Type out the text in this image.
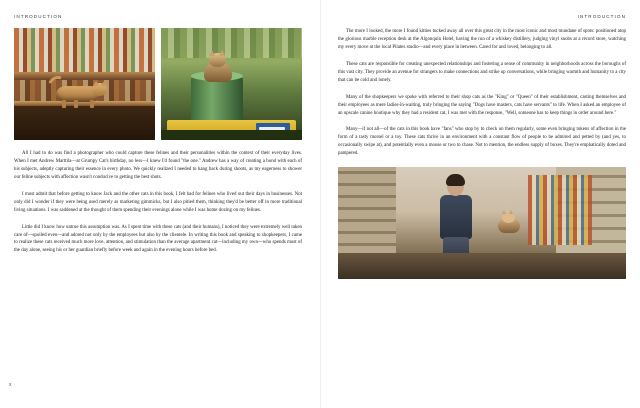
INTRODUCTION

All I had to do was find a photographer who could capture these felines and their personalities within the context of their everyday lives. When I met Andrew Marttila—at Grumpy Cat's birthday, no less—I knew I'd found "the one." Andrew has a way of creating a bond with each of his subjects, adeptly capturing their essence in every photo. We quickly realized I needed to hang back during shoots, as my eagerness to shower our feline subjects with affection wasn't conducive to getting the best shots.

I must admit that before getting to know Jack and the other cats in this book, I felt bad for felines who lived out their days in businesses. Not only did I wonder if they were being used merely as marketing gimmicks, but I also pitied them, thinking they'd be better off in more traditional living situations. I was saddened at the thought of them spending their evenings alone while I was home dozing on my felines.

Little did I know how untrue this assumption was. As I spent time with these cats (and their humans), I noticed they were extremely well taken care of—spoiled even—and adored not only by the employees but also by the clientele. In writing this book and speaking to shopkeepers, I came to realize these cats received much more love, attention, and stimulation than the average apartment cat—including my own—who spends most of the day alone, seeing his or her guardian briefly before week and again in the evening hours before bed.

x
INTRODUCTION

The more I looked, the more I found kitties tucked away all over this great city in the most iconic and most mundane of spots: positioned atop the glorious marble reception desk at the Algonquin Hotel, having the run of a whiskey distillery, judging vinyl snobs at a record store, watching my every move at the local Pilates studio—and every place in between. Cared for and loved, belonging to all.

These cats are responsible for creating unexpected relationships and fostering a sense of community in neighborhoods across the boroughs of this vast city. They provide an avenue for strangers to make connections and strike up conversations, while bringing warmth and humanity to a city that can be cold and lonely.

Many of the shopkeepers we spoke with referred to their shop cats as the "King" or "Queen" of their establishment, casting themselves and their employees as mere ladies-in-waiting, truly bringing the saying "Dogs have masters, cats have servants" to life. When I asked an employee of an upscale canine boutique why they had a resident cat, I was met with the response, "Well, someone has to keep things in order around here."

Many—if not all—of the cats in this book have "fans" who stop by to check on them regularly, some even bringing tokens of affection in the form of a tasty morsel or a toy. These cats thrive in an environment with a constant flow of people to be admired and petted by (and yes, to occasionally swipe at), and potentially even a mouse or two to chase. Not to mention, the endless supply of boxes. They're emphatically doted and pampered.
